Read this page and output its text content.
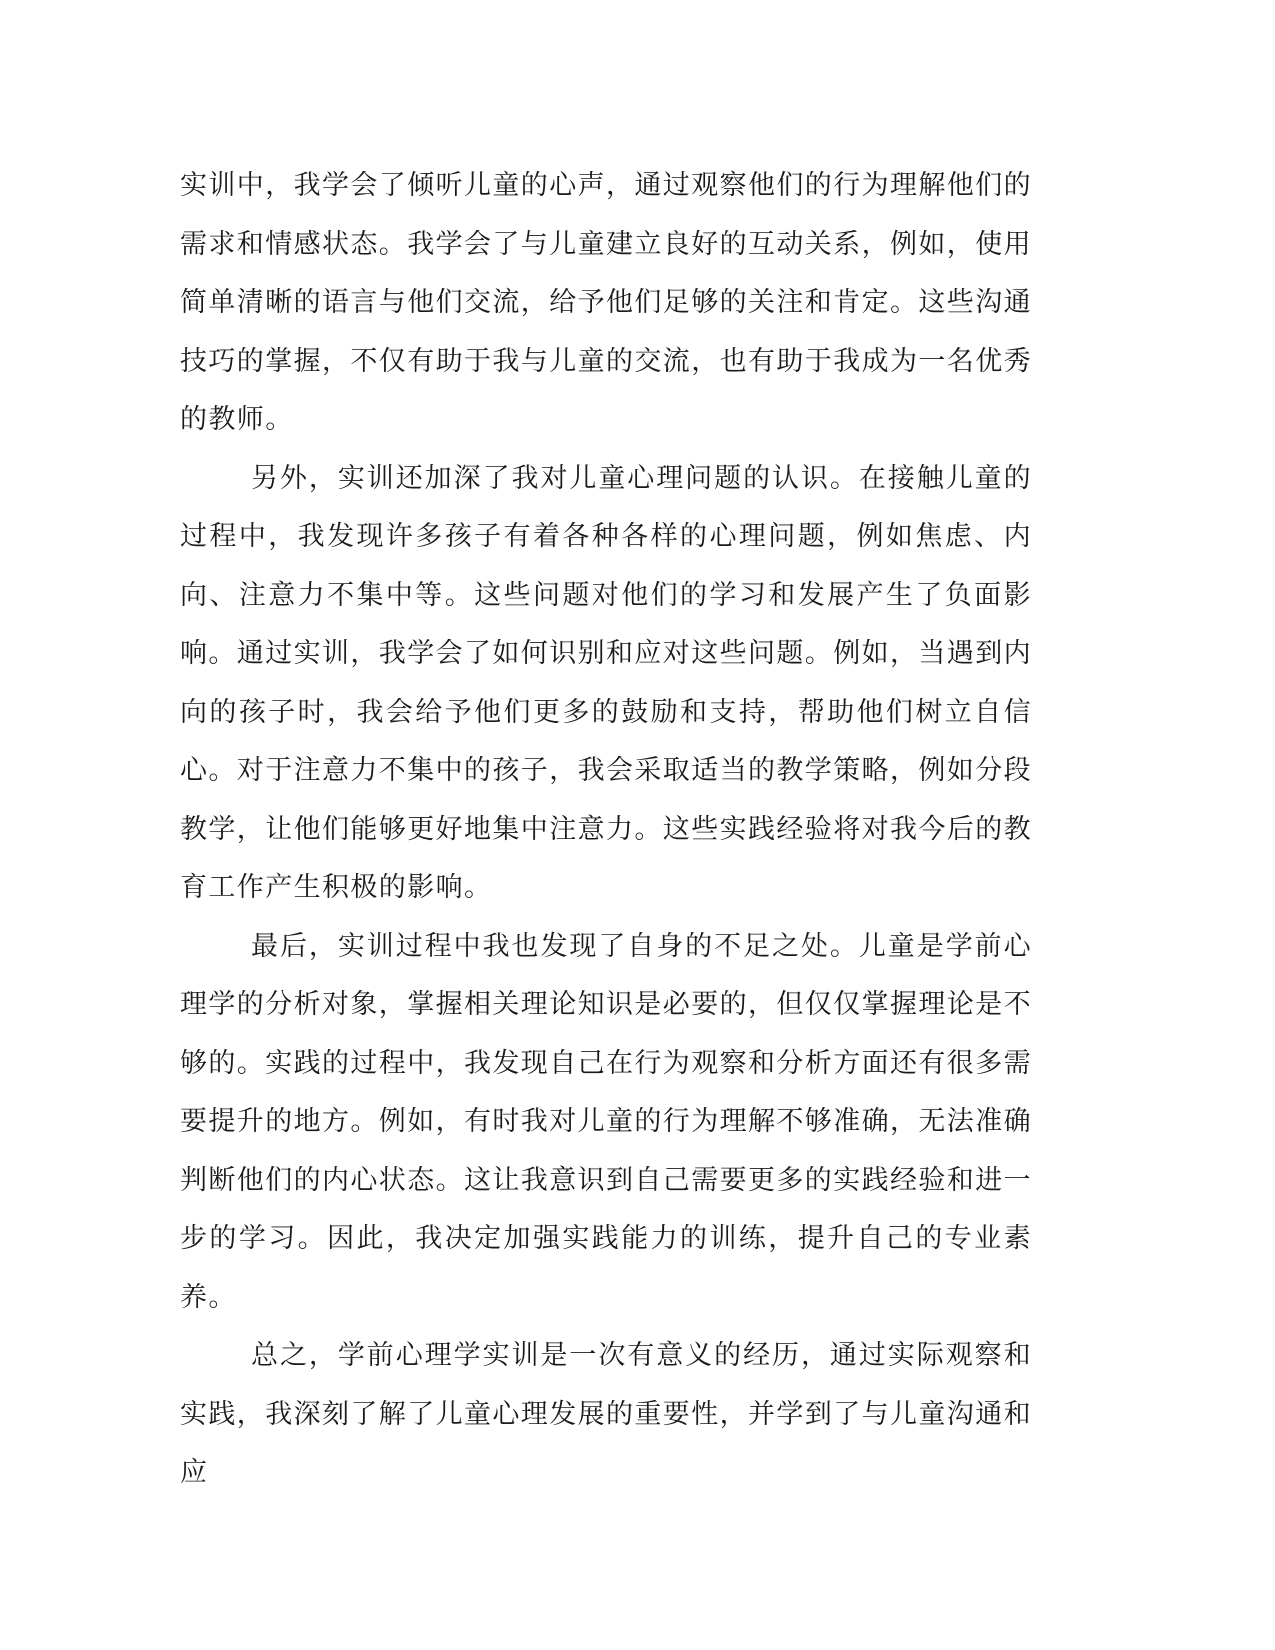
实训中，我学会了倾听儿童的心声，通过观察他们的行为理解他们的需求和情感状态。我学会了与儿童建立良好的互动关系，例如，使用简单清晰的语言与他们交流，给予他们足够的关注和肯定。这些沟通技巧的掌握，不仅有助于我与儿童的交流，也有助于我成为一名优秀的教师。

另外，实训还加深了我对儿童心理问题的认识。在接触儿童的过程中，我发现许多孩子有着各种各样的心理问题，例如焦虑、内向、注意力不集中等。这些问题对他们的学习和发展产生了负面影响。通过实训，我学会了如何识别和应对这些问题。例如，当遇到内向的孩子时，我会给予他们更多的鼓励和支持，帮助他们树立自信心。对于注意力不集中的孩子，我会采取适当的教学策略，例如分段教学，让他们能够更好地集中注意力。这些实践经验将对我今后的教育工作产生积极的影响。

最后，实训过程中我也发现了自身的不足之处。儿童是学前心理学的分析对象，掌握相关理论知识是必要的，但仅仅掌握理论是不够的。实践的过程中，我发现自己在行为观察和分析方面还有很多需要提升的地方。例如，有时我对儿童的行为理解不够准确，无法准确判断他们的内心状态。这让我意识到自己需要更多的实践经验和进一步的学习。因此，我决定加强实践能力的训练，提升自己的专业素养。

总之，学前心理学实训是一次有意义的经历，通过实际观察和实践，我深刻了解了儿童心理发展的重要性，并学到了与儿童沟通和应
